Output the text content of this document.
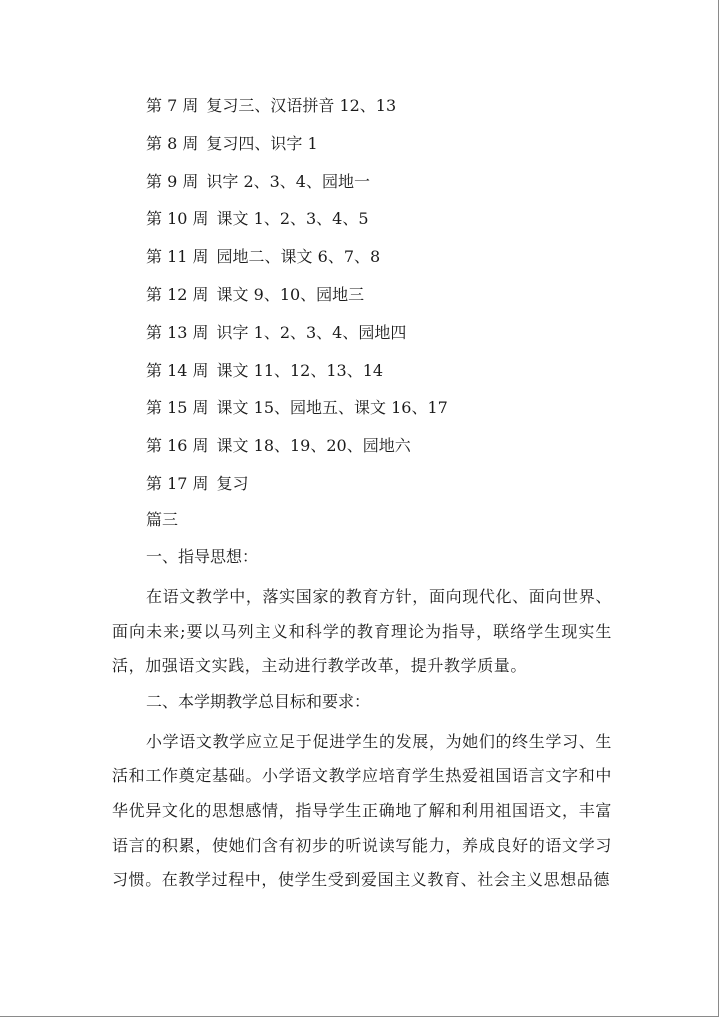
第 7 周 复习三、汉语拼音 12、13
第 8 周 复习四、识字 1
第 9 周 识字 2、3、4、园地一
第 10 周 课文 1、2、3、4、5
第 11 周 园地二、课文 6、7、8
第 12 周 课文 9、10、园地三
第 13 周 识字 1、2、3、4、园地四
第 14 周 课文 11、12、13、14
第 15 周 课文 15、园地五、课文 16、17
第 16 周 课文 18、19、20、园地六
第 17 周 复习
篇三
一、指导思想：

在语文教学中，落实国家的教育方针，面向现代化、面向世界、面向未来;要以马列主义和科学的教育理论为指导，联络学生现实生活，加强语文实践，主动进行教学改革，提升教学质量。

二、本学期教学总目标和要求：

小学语文教学应立足于促进学生的发展，为她们的终生学习、生活和工作奠定基础。小学语文教学应培育学生热爱祖国语言文字和中华优异文化的思想感情，指导学生正确地了解和利用祖国语文，丰富语言的积累，使她们含有初步的听说读写能力，养成良好的语文学习习惯。在教学过程中，使学生受到爱国主义教育、社会主义思想品德
